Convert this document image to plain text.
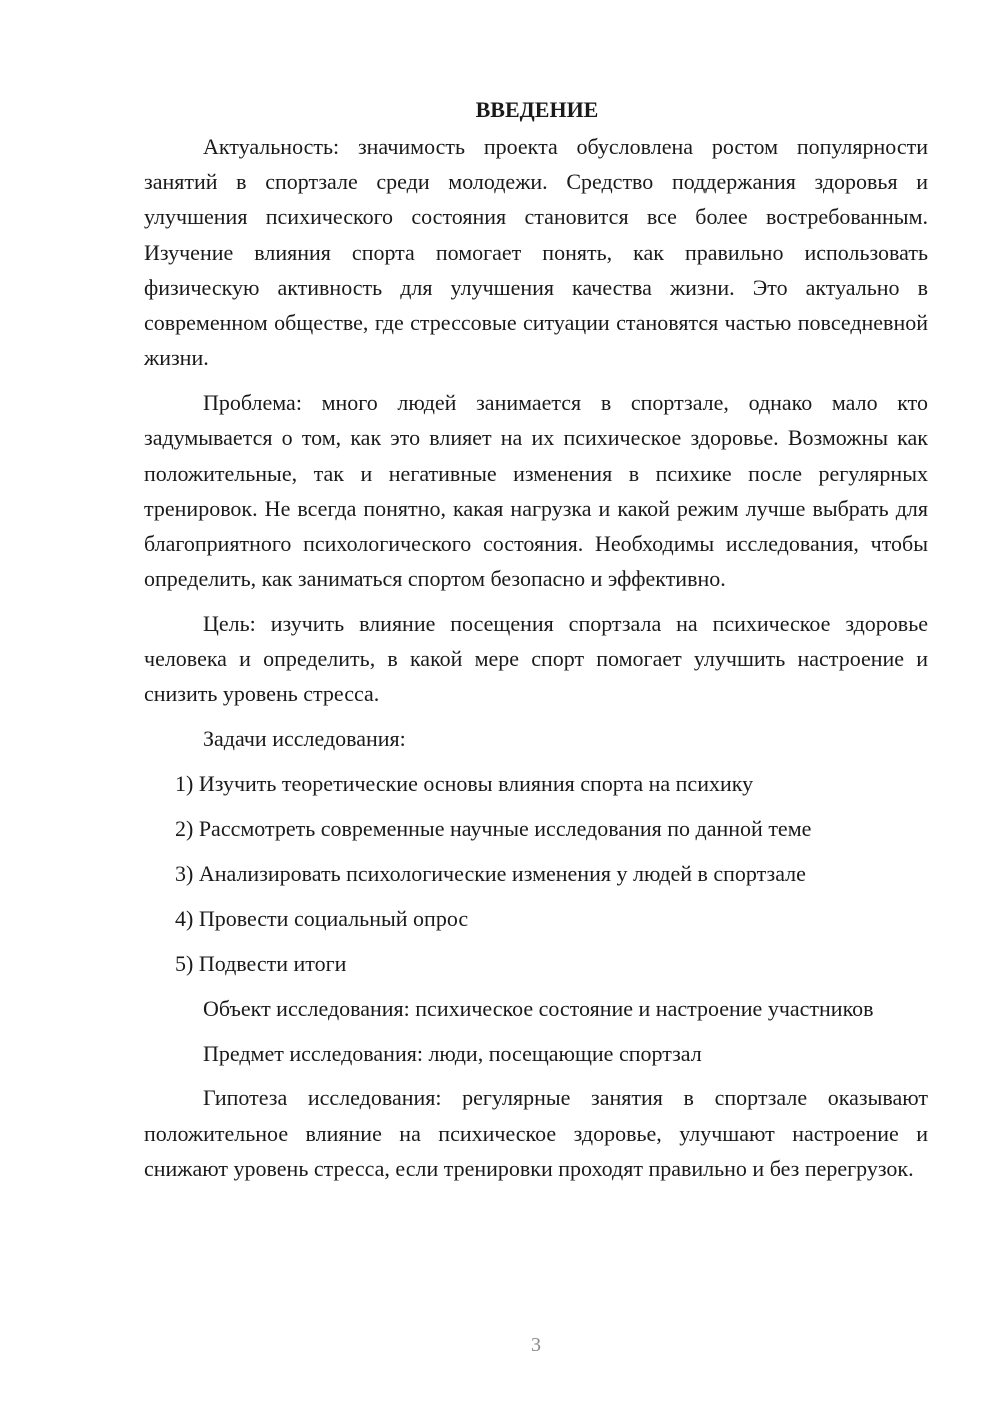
ВВЕДЕНИЕ

Актуальность: значимость проекта обусловлена ростом популярности занятий в спортзале среди молодежи. Средство поддержания здоровья и улучшения психического состояния становится все более востребованным. Изучение влияния спорта помогает понять, как правильно использовать физическую активность для улучшения качества жизни. Это актуально в современном обществе, где стрессовые ситуации становятся частью повседневной жизни.

Проблема: много людей занимается в спортзале, однако мало кто задумывается о том, как это влияет на их психическое здоровье. Возможны как положительные, так и негативные изменения в психике после регулярных тренировок. Не всегда понятно, какая нагрузка и какой режим лучше выбрать для благоприятного психологического состояния. Необходимы исследования, чтобы определить, как заниматься спортом безопасно и эффективно.

Цель: изучить влияние посещения спортзала на психическое здоровье человека и определить, в какой мере спорт помогает улучшить настроение и снизить уровень стресса.

Задачи исследования:

1) Изучить теоретические основы влияния спорта на психику
2) Рассмотреть современные научные исследования по данной теме
3) Анализировать психологические изменения у людей в спортзале
4) Провести социальный опрос
5) Подвести итоги

Объект исследования: психическое состояние и настроение участников

Предмет исследования: люди, посещающие спортзал

Гипотеза исследования: регулярные занятия в спортзале оказывают положительное влияние на психическое здоровье, улучшают настроение и снижают уровень стресса, если тренировки проходят правильно и без перегрузок.

3
